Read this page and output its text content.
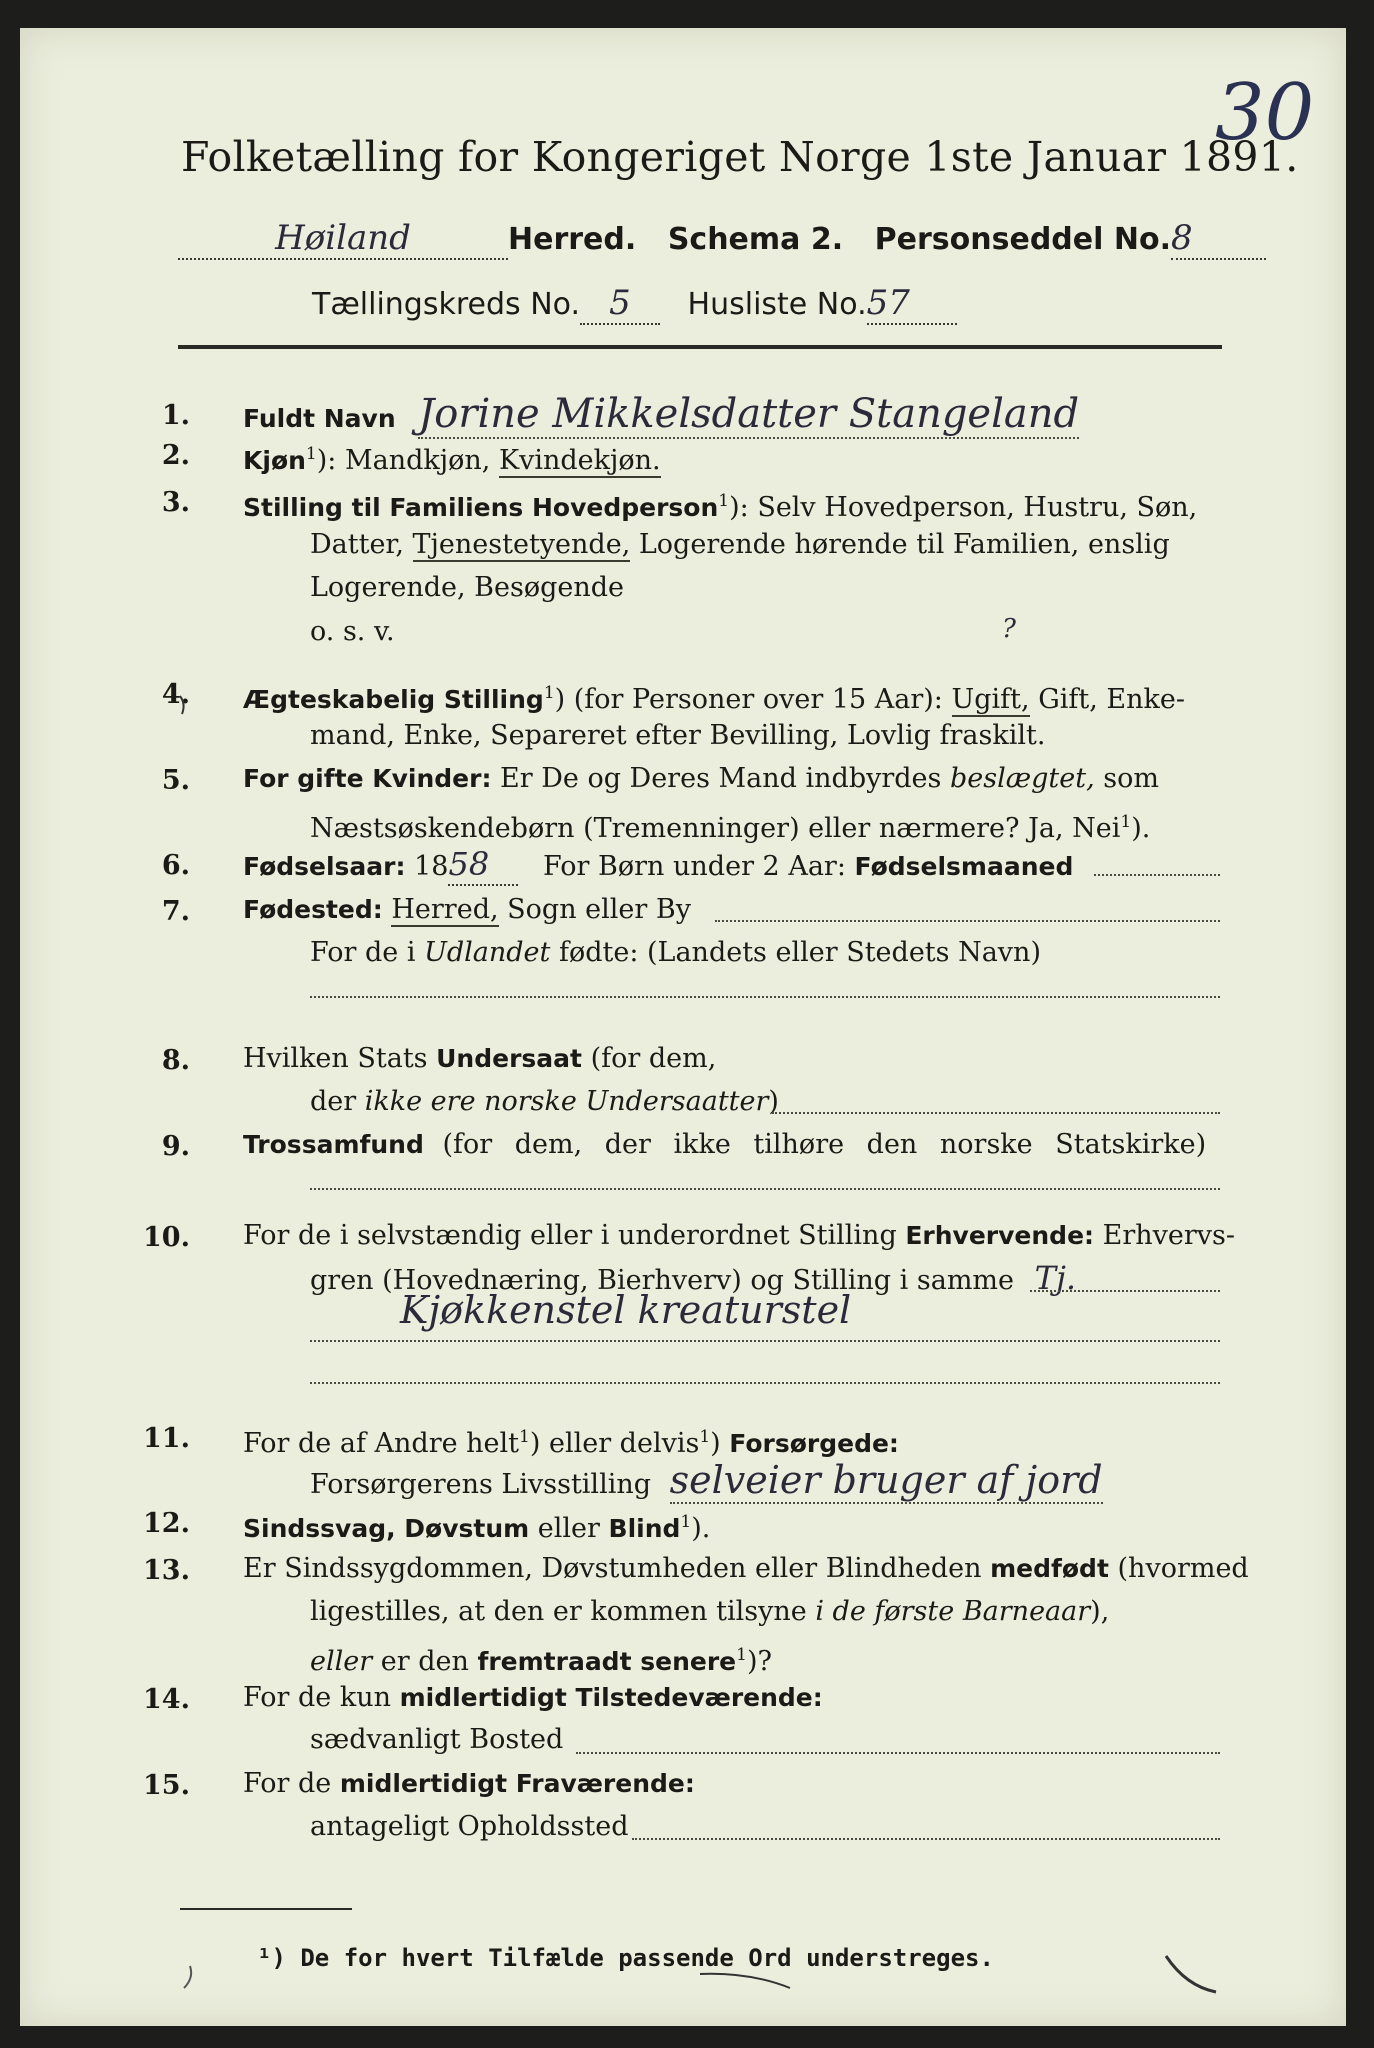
30
Folketælling for Kongeriget Norge 1ste Januar 1891.
Høiland	Herred. Schema 2. Personseddel No.8
Tællingskreds No. 5 Husliste No.57
1. Fuldt Navn Jorine Mikkelsdatter Stangeland
2. Kjøn$^1$): Mandkjøn, Kvindekjøn.
3. Stilling til Familiens Hovedperson$^1$): Selv Hovedperson, Hustru, Søn,
Datter, Tjenestetyende, Logerende hørende til Familien, enslig
Logerende, Besøgende
o. s. v.	?
4. Ægteskabelig Stilling$^1$) (for Personer over 15 Aar): Ugift, Gift, Enke-
mand, Enke, Separeret efter Bevilling, Lovlig fraskilt.
5. For gifte Kvinder: Er De og Deres Mand indbyrdes beslægtet, som
Næstsøskendebørn (Tremenninger) eller nærmere? Ja, Nei$^1$).
6. Fødselsaar: 1858 For Børn under 2 Aar: Fødselsmaaned
7. Fødested: Herred, Sogn eller By
For de i Udlandet fødte: (Landets eller Stedets Navn)
8. Hvilken Stats Undersaat (for dem,
der ikke ere norske Undersaatter)
9. Trossamfund (for dem, der ikke tilhøre den norske Statskirke)
10. For de i selvstændig eller i underordnet Stilling Erhvervende: Erhvervs-
gren (Hovednæring, Bierhverv) og Stilling i samme Tj.
Kjøkkenstel kreaturstel
11. For de af Andre helt$^1$) eller delvis$^1$) Forsørgede:
Forsørgerens Livsstilling selveier bruger af jord
12. Sindssvag, Døvstum eller Blind$^1$).
13. Er Sindssygdommen, Døvstumheden eller Blindheden medfødt (hvormed
ligestilles, at den er kommen tilsyne i de første Barneaar),
eller er den fremtraadt senere$^1$)?
14. For de kun midlertidigt Tilstedeværende:
sædvanligt Bosted
15. For de midlertidigt Fraværende:
antageligt Opholdssted
¹) De for hvert Tilfælde passende Ord understreges.
